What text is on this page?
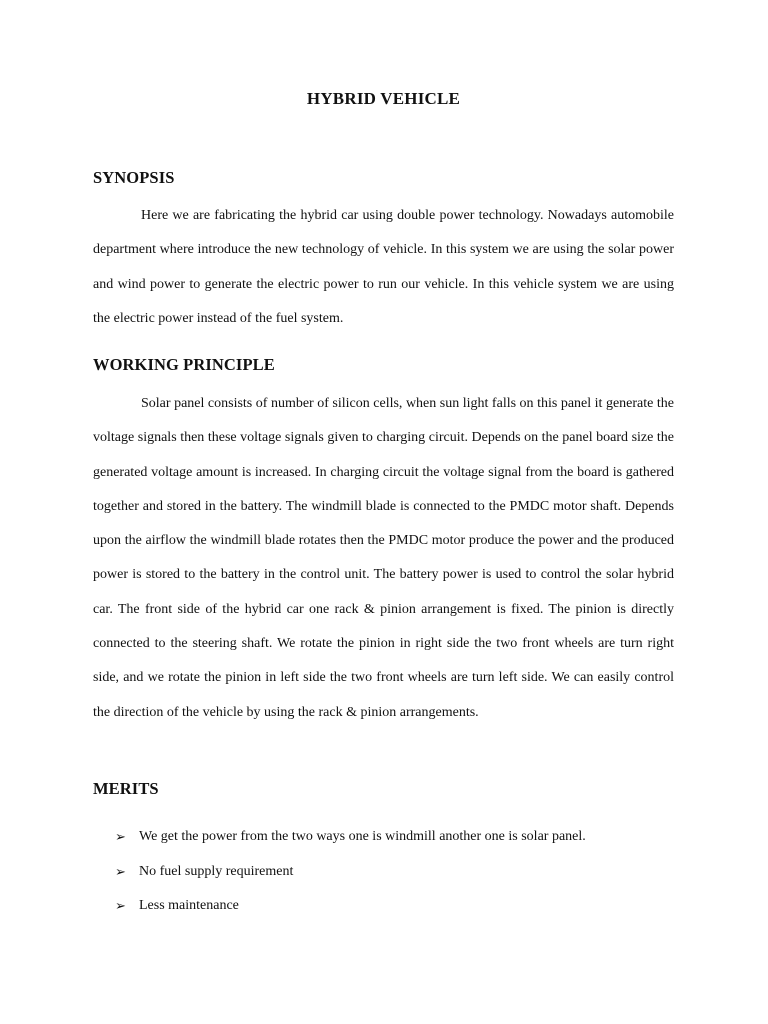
HYBRID VEHICLE
SYNOPSIS

Here we are fabricating the hybrid car using double power technology. Nowadays automobile department where introduce the new technology of vehicle. In this system we are using the solar power and wind power to generate the electric power to run our vehicle. In this vehicle system we are using the electric power instead of the fuel system.

WORKING PRINCIPLE

Solar panel consists of number of silicon cells, when sun light falls on this panel it generate the voltage signals then these voltage signals given to charging circuit. Depends on the panel board size the generated voltage amount is increased. In charging circuit the voltage signal from the board is gathered together and stored in the battery. The windmill blade is connected to the PMDC motor shaft. Depends upon the airflow the windmill blade rotates then the PMDC motor produce the power and the produced power is stored to the battery in the control unit. The battery power is used to control the solar hybrid car. The front side of the hybrid car one rack & pinion arrangement is fixed. The pinion is directly connected to the steering shaft. We rotate the pinion in right side the two front wheels are turn right side, and we rotate the pinion in left side the two front wheels are turn left side. We can easily control the direction of the vehicle by using the rack & pinion arrangements.

MERITS
➢ We get the power from the two ways one is windmill another one is solar panel.
➢ No fuel supply requirement
➢ Less maintenance
